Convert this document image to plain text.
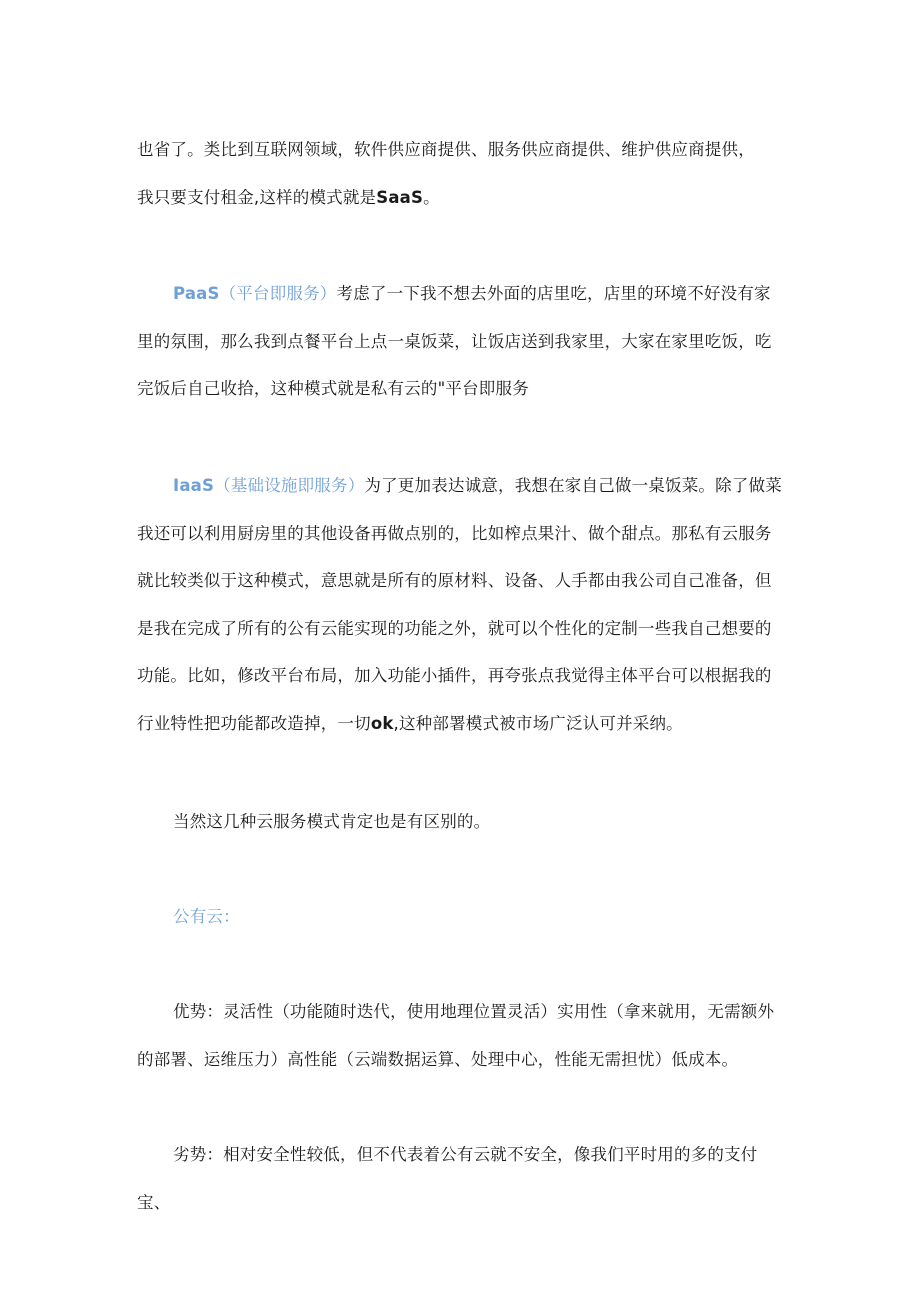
也省了。类比到互联网领域，软件供应商提供、服务供应商提供、维护供应商提供，
我只要支付租金,这样的模式就是SaaS。

PaaS（平台即服务）考虑了一下我不想去外面的店里吃，店里的环境不好没有家里的氛围，那么我到点餐平台上点一桌饭菜，让饭店送到我家里，大家在家里吃饭，吃完饭后自己收拾，这种模式就是私有云的"平台即服务

IaaS（基础设施即服务）为了更加表达诚意，我想在家自己做一桌饭菜。除了做菜我还可以利用厨房里的其他设备再做点别的，比如榨点果汁、做个甜点。那私有云服务就比较类似于这种模式，意思就是所有的原材料、设备、人手都由我公司自己准备，但是我在完成了所有的公有云能实现的功能之外，就可以个性化的定制一些我自己想要的功能。比如，修改平台布局，加入功能小插件，再夸张点我觉得主体平台可以根据我的行业特性把功能都改造掉，一切ok,这种部署模式被市场广泛认可并采纳。

当然这几种云服务模式肯定也是有区别的。

公有云：

优势：灵活性（功能随时迭代，使用地理位置灵活）实用性（拿来就用，无需额外的部署、运维压力）高性能（云端数据运算、处理中心，性能无需担忧）低成本。

劣势：相对安全性较低，但不代表着公有云就不安全，像我们平时用的多的支付宝、
